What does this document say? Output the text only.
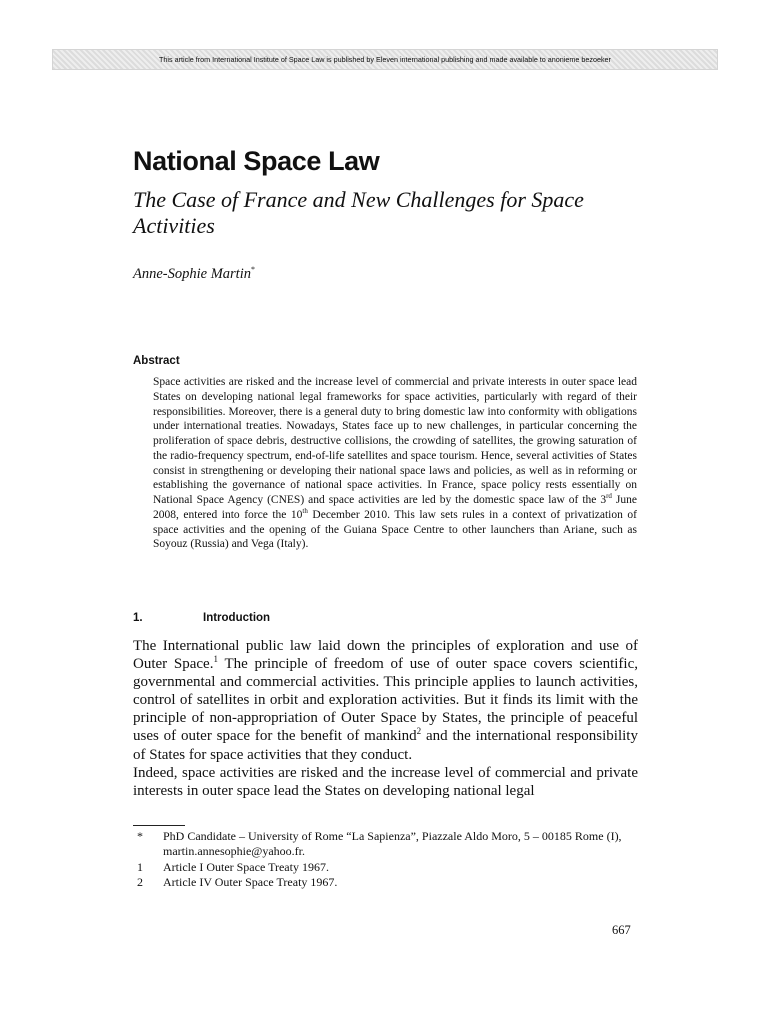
This article from International Institute of Space Law is published by Eleven international publishing and made available to anonieme bezoeker
National Space Law
The Case of France and New Challenges for Space Activities
Anne-Sophie Martin*
Abstract

Space activities are risked and the increase level of commercial and private interests in outer space lead States on developing national legal frameworks for space activities, particularly with regard of their responsibilities. Moreover, there is a general duty to bring domestic law into conformity with obligations under international treaties. Nowadays, States face up to new challenges, in particular concerning the proliferation of space debris, destructive collisions, the crowding of satellites, the growing saturation of the radio-frequency spectrum, end-of-life satellites and space tourism. Hence, several activities of States consist in strengthening or developing their national space laws and policies, as well as in reforming or establishing the governance of national space activities. In France, space policy rests essentially on National Space Agency (CNES) and space activities are led by the domestic space law of the 3rd June 2008, entered into force the 10th December 2010. This law sets rules in a context of privatization of space activities and the opening of the Guiana Space Centre to other launchers than Ariane, such as Soyouz (Russia) and Vega (Italy).

1.	Introduction

The International public law laid down the principles of exploration and use of Outer Space.$^1$ The principle of freedom of use of outer space covers scientific, governmental and commercial activities. This principle applies to launch activities, control of satellites in orbit and exploration activities. But it finds its limit with the principle of non-appropriation of Outer Space by States, the principle of peaceful uses of outer space for the benefit of mankind$^2$ and the international responsibility of States for space activities that they conduct.

Indeed, space activities are risked and the increase level of commercial and private interests in outer space lead the States on developing national legal

*	PhD Candidate – University of Rome “La Sapienza”, Piazzale Aldo Moro, 5 – 00185 Rome (I), martin.annesophie@yahoo.fr.
1	Article I Outer Space Treaty 1967.
2	Article IV Outer Space Treaty 1967.
667
